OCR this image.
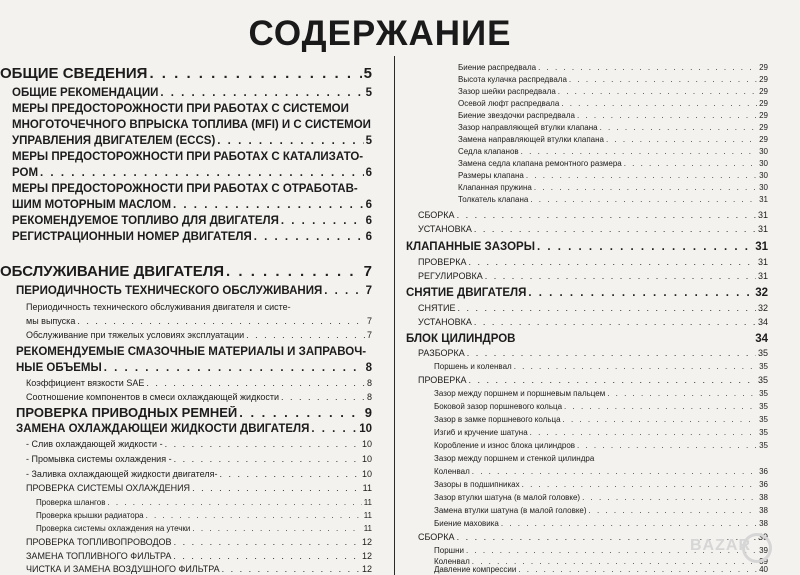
СОДЕРЖАНИЕ
ОБЩИЕ СВЕДЕНИЯ . . .	5
ОБЩИЕ РЕКОМЕНДАЦИИ . . .	5
МЕРЫ ПРЕДОСТОРОЖНОСТИ ПРИ РАБОТАХ С СИСТЕМОЙ
МНОГОТОЧЕЧНОГО ВПРЫСКА ТОПЛИВА (MFI) И С СИСТЕМОЙ
УПРАВЛЕНИЯ ДВИГАТЕЛЕМ (ECCS) . . .	5
МЕРЫ ПРЕДОСТОРОЖНОСТИ ПРИ РАБОТАХ С КАТАЛИЗАТО-
РОМ . . .	6
МЕРЫ ПРЕДОСТОРОЖНОСТИ ПРИ РАБОТАХ С ОТРАБОТАВ-
ШИМ МОТОРНЫМ МАСЛОМ . . .	6
РЕКОМЕНДУЕМОЕ ТОПЛИВО ДЛЯ ДВИГАТЕЛЯ . . .	6
РЕГИСТРАЦИОННЫЙ НОМЕР ДВИГАТЕЛЯ . . .	6
ОБСЛУЖИВАНИЕ ДВИГАТЕЛЯ . . .	7
ПЕРИОДИЧНОСТЬ ТЕХНИЧЕСКОГО ОБСЛУЖИВАНИЯ . . .	7
Периодичность технического обслуживания двигателя и систе-
мы выпуска . . .	7
Обслуживание при тяжелых условиях эксплуатации . . .	7
РЕКОМЕНДУЕМЫЕ СМАЗОЧНЫЕ МАТЕРИАЛЫ И ЗАПРАВОЧ-
НЫЕ ОБЪЕМЫ . . .	8
Коэффициент вязкости SAE . . .	8
Соотношение компонентов в смеси охлаждающей жидкости . . .	8
ПРОВЕРКА ПРИВОДНЫХ РЕМНЕЙ . . .	9
ЗАМЕНА ОХЛАЖДАЮЩЕЙ ЖИДКОСТИ ДВИГАТЕЛЯ . . .	10
- Слив охлаждающей жидкости - . . .	10
- Промывка системы охлаждения - . . .	10
- Заливка охлаждающей жидкости двигателя- . . .	10
ПРОВЕРКА СИСТЕМЫ ОХЛАЖДЕНИЯ . . .	11
Проверка шлангов . . .	11
Проверка крышки радиатора . . .	11
Проверка системы охлаждения на утечки . . .	11
ПРОВЕРКА ТОПЛИВОПРОВОДОВ . . .	12
ЗАМЕНА ТОПЛИВНОГО ФИЛЬТРА . . .	12
ЧИСТКА И ЗАМЕНА ВОЗДУШНОГО ФИЛЬТРА . . .	12
Биение распредвала . . .	29
Высота кулачка распредвала . . .	29
Зазор шейки распредвала . . .	29
Осевой люфт распредвала . . .	29
Биение звездочки распредвала . . .	29
Зазор направляющей втулки клапана . . .	29
Замена направляющей втулки клапана . . .	29
Седла клапанов . . .	30
Замена седла клапана ремонтного размера . . .	30
Размеры клапана . . .	30
Клапанная пружина . . .	30
Толкатель клапана . . .	31
СБОРКА . . .	31
УСТАНОВКА . . .	31
КЛАПАННЫЕ ЗАЗОРЫ . . .	31
ПРОВЕРКА . . .	31
РЕГУЛИРОВКА . . .	31
СНЯТИЕ ДВИГАТЕЛЯ . . .	32
СНЯТИЕ . . .	32
УСТАНОВКА . . .	34
БЛОК ЦИЛИНДРОВ	34
РАЗБОРКА . . .	35
Поршень и коленвал . . .	35
ПРОВЕРКА . . .	35
Зазор между поршнем и поршневым пальцем . . .	35
Боковой зазор поршневого кольца . . .	35
Зазор в замке поршневого кольца . . .	35
Изгиб и кручение шатуна . . .	35
Коробление и износ блока цилиндров . . .	35
Зазор между поршнем и стенкой цилиндра
Коленвал . . .	36
Зазоры в подшипниках . . .	36
Зазор втулки шатуна (в малой головке) . . .	38
Замена втулки шатуна (в малой головке) . . .	38
Биение маховика . . .	38
СБОРКА . . .	39
Поршни . . .	39
Коленвал . . .	39
Давление компрессии . . .	40
BAZAR
